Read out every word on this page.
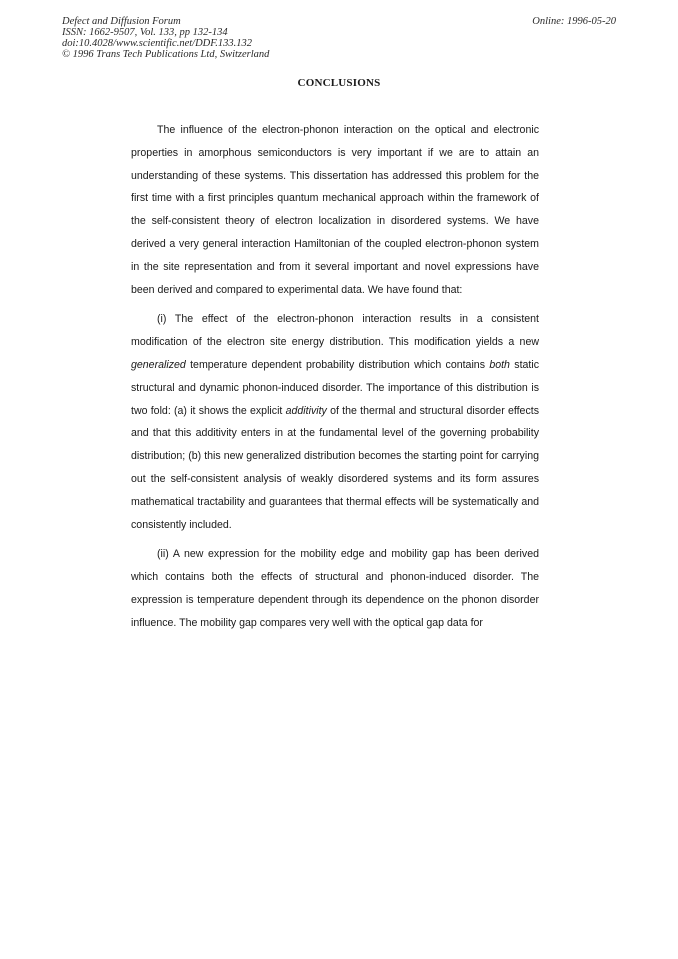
Defect and Diffusion Forum
ISSN: 1662-9507, Vol. 133, pp 132-134
doi:10.4028/www.scientific.net/DDF.133.132
© 1996 Trans Tech Publications Ltd, Switzerland
Online: 1996-05-20
CONCLUSIONS

The influence of the electron-phonon interaction on the optical and electronic properties in amorphous semiconductors is very important if we are to attain an understanding of these systems. This dissertation has addressed this problem for the first time with a first principles quantum mechanical approach within the framework of the self-consistent theory of electron localization in disordered systems. We have derived a very general interaction Hamiltonian of the coupled electron-phonon system in the site representation and from it several important and novel expressions have been derived and compared to experimental data. We have found that:

(i) The effect of the electron-phonon interaction results in a consistent modification of the electron site energy distribution. This modification yields a new generalized temperature dependent probability distribution which contains both static structural and dynamic phonon-induced disorder. The importance of this distribution is two fold: (a) it shows the explicit additivity of the thermal and structural disorder effects and that this additivity enters in at the fundamental level of the governing probability distribution; (b) this new generalized distribution becomes the starting point for carrying out the self-consistent analysis of weakly disordered systems and its form assures mathematical tractability and guarantees that thermal effects will be systematically and consistently included.

(ii) A new expression for the mobility edge and mobility gap has been derived which contains both the effects of structural and phonon-induced disorder. The expression is temperature dependent through its dependence on the phonon disorder influence. The mobility gap compares very well with the optical gap data for
